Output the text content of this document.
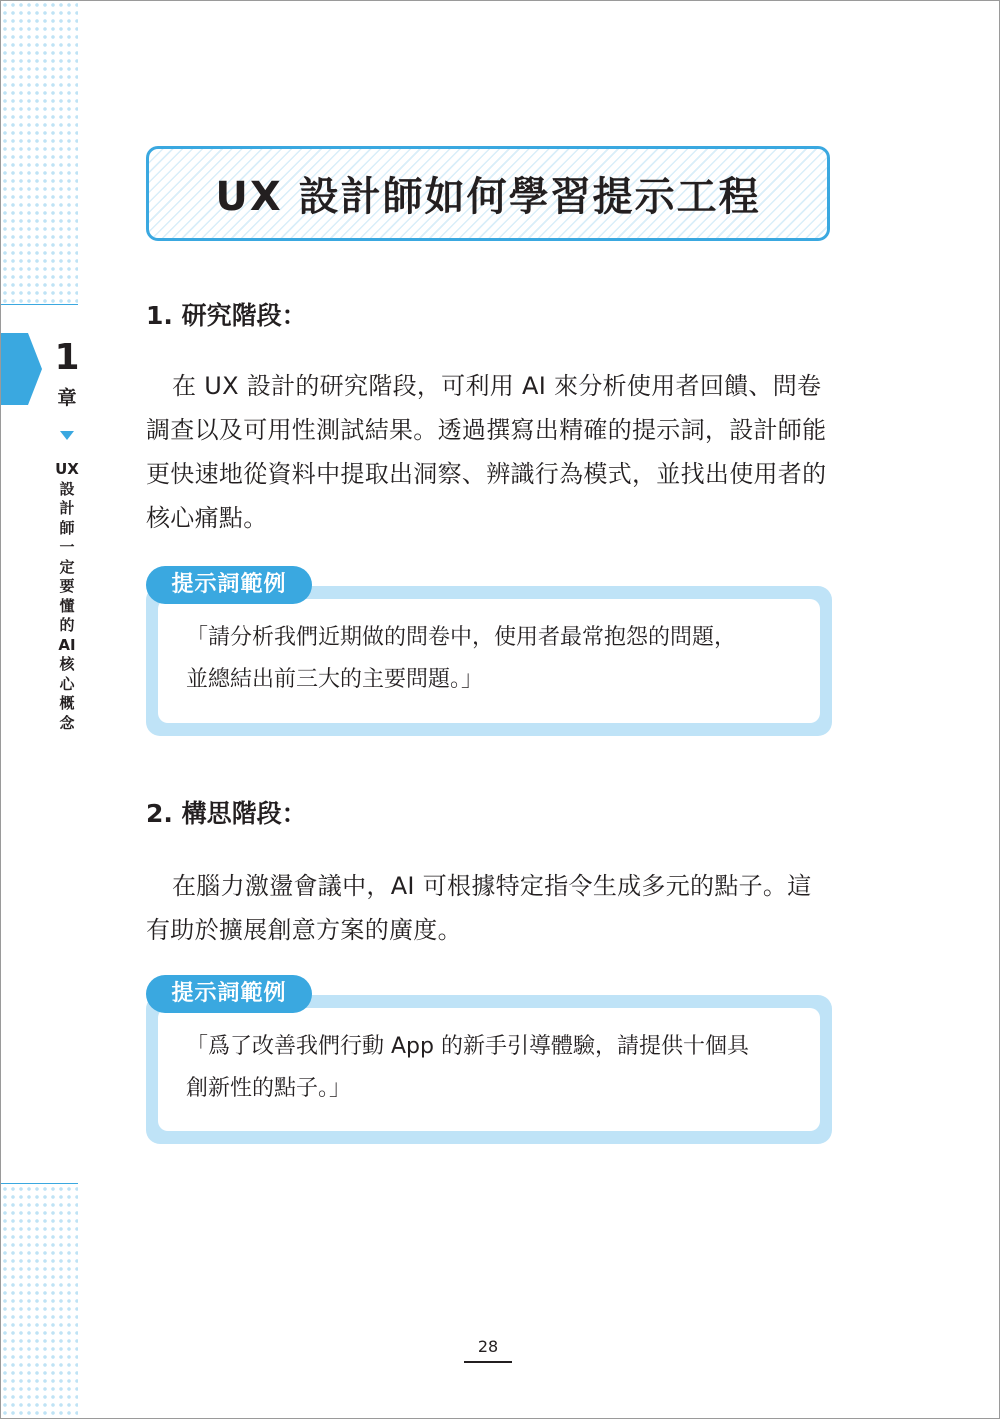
1
章
UX
設
計
師
一
定
要
懂
的
AI
核
心
概
念
UX 設計師如何學習提示工程
1. 研究階段：

在 UX 設計的研究階段，可利用 AI 來分析使用者回饋、問卷調查以及可用性測試結果。透過撰寫出精確的提示詞，設計師能更快速地從資料中提取出洞察、辨識行為模式，並找出使用者的核心痛點。

「請分析我們近期做的問卷中，使用者最常抱怨的問題，
並總結出前三大的主要問題。」

提示詞範例
2. 構思階段：

在腦力激盪會議中，AI 可根據特定指令生成多元的點子。這有助於擴展創意方案的廣度。

「爲了改善我們行動 App 的新手引導體驗，請提供十個具
創新性的點子。」

提示詞範例
28
